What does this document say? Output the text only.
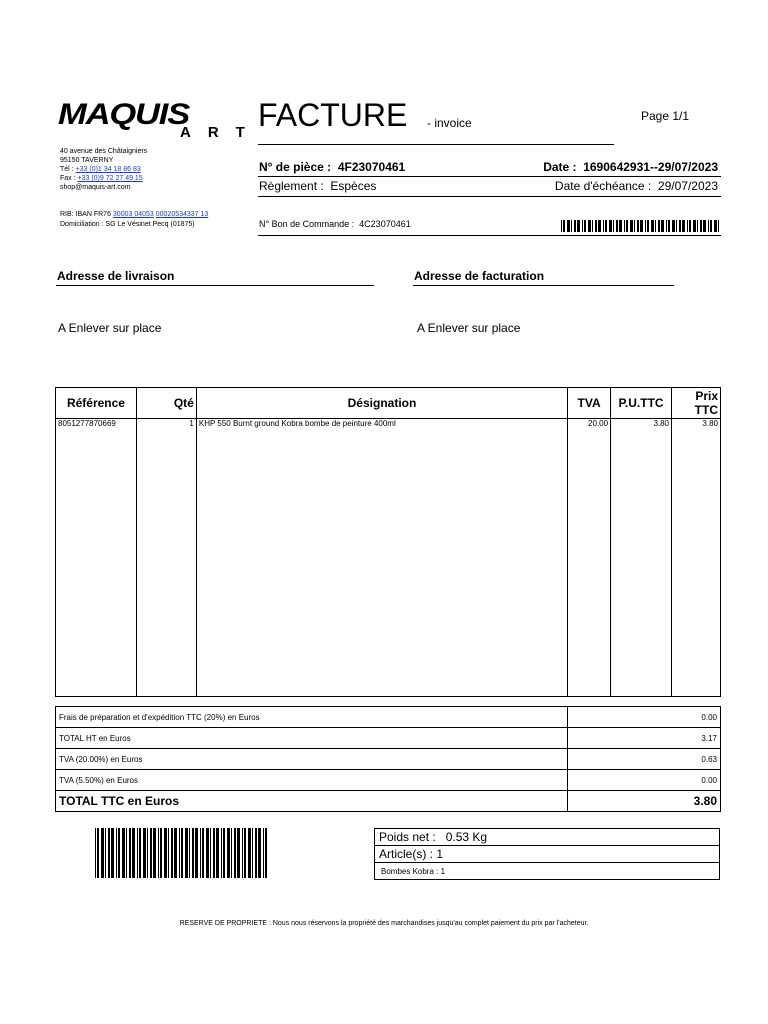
MAQUIS
ART
FACTURE - invoice	Page 1/1
40 avenue des Châtaigniers
95150 TAVERNY
Tél : +33 (0)1 34 18 86 83
Fax : +33 (0)9 72 27 49 15
shop@maquis-art.com
RIB: IBAN FR76 30003 04053 00020534337 13
Domiciliation : SG Le Vésinet Pecq (01875)
N° de pièce : 4F23070461	Date : 1690642931--29/07/2023
Règlement : Espèces	Date d'échéance : 29/07/2023
N° Bon de Commande : 4C23070461
Adresse de livraison
A Enlever sur place
Adresse de facturation
A Enlever sur place
Référence	Qté	Désignation	TVA	P.U.TTC	Prix TTC
8051277870669	1	KHP 550 Burnt ground Kobra bombe de peinture 400ml	20.00	3.80	3.80
Frais de préparation et d'expédition TTC (20%) en Euros	0.00
TOTAL HT en Euros	3.17
TVA (20.00%) en Euros	0.63
TVA (5.50%) en Euros	0.00
TOTAL TTC en Euros	3.80
Poids net : 0.53 Kg
Article(s) : 1
Bombes Kobra : 1
RESERVE DE PROPRIETE : Nous nous réservons la propriété des marchandises jusqu'au complet paiement du prix par l'acheteur.
